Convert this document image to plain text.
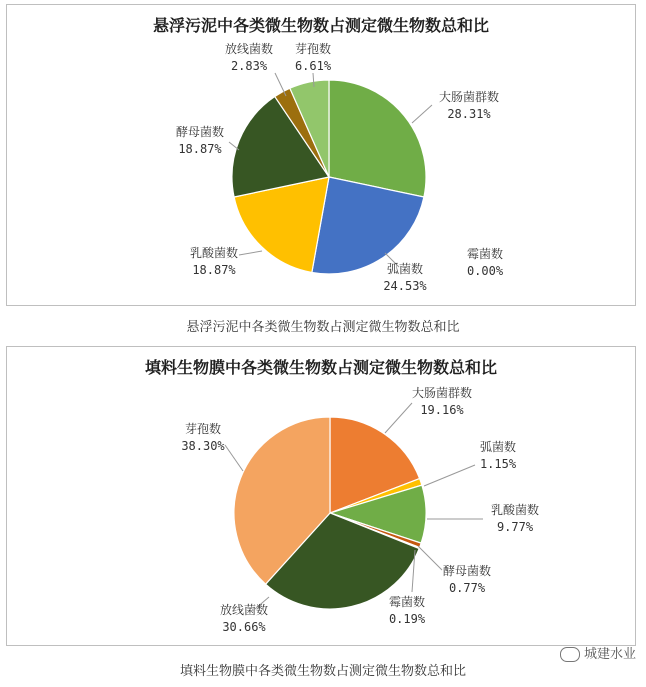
悬浮污泥中各类微生物数占测定微生物数总和比
大肠菌群数
28.31%
弧菌数
24.53%
霉菌数
0.00%
乳酸菌数
18.87%
酵母菌数
18.87%
放线菌数
2.83%
芽孢数
6.61%
悬浮污泥中各类微生物数占测定微生物数总和比
填料生物膜中各类微生物数占测定微生物数总和比
大肠菌群数
19.16%
弧菌数
1.15%
乳酸菌数
9.77%
酵母菌数
0.77%
霉菌数
0.19%
放线菌数
30.66%
芽孢数
38.30%
填料生物膜中各类微生物数占测定微生物数总和比
城建水业
